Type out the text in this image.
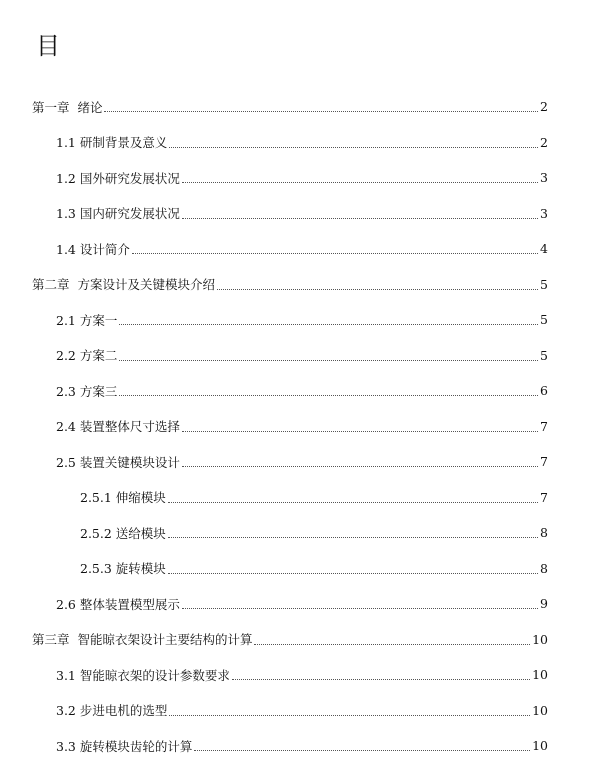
目
第一章  绪论	2
1.1 研制背景及意义	2
1.2 国外研究发展状况	3
1.3 国内研究发展状况	3
1.4 设计简介	4
第二章  方案设计及关键模块介绍	5
2.1 方案一	5
2.2 方案二	5
2.3 方案三	6
2.4 装置整体尺寸选择	7
2.5 装置关键模块设计	7
2.5.1 伸缩模块	7
2.5.2 送给模块	8
2.5.3 旋转模块	8
2.6 整体装置模型展示	9
第三章  智能晾衣架设计主要结构的计算	10
3.1 智能晾衣架的设计参数要求	10
3.2 步进电机的选型	10
3.3 旋转模块齿轮的计算	10
